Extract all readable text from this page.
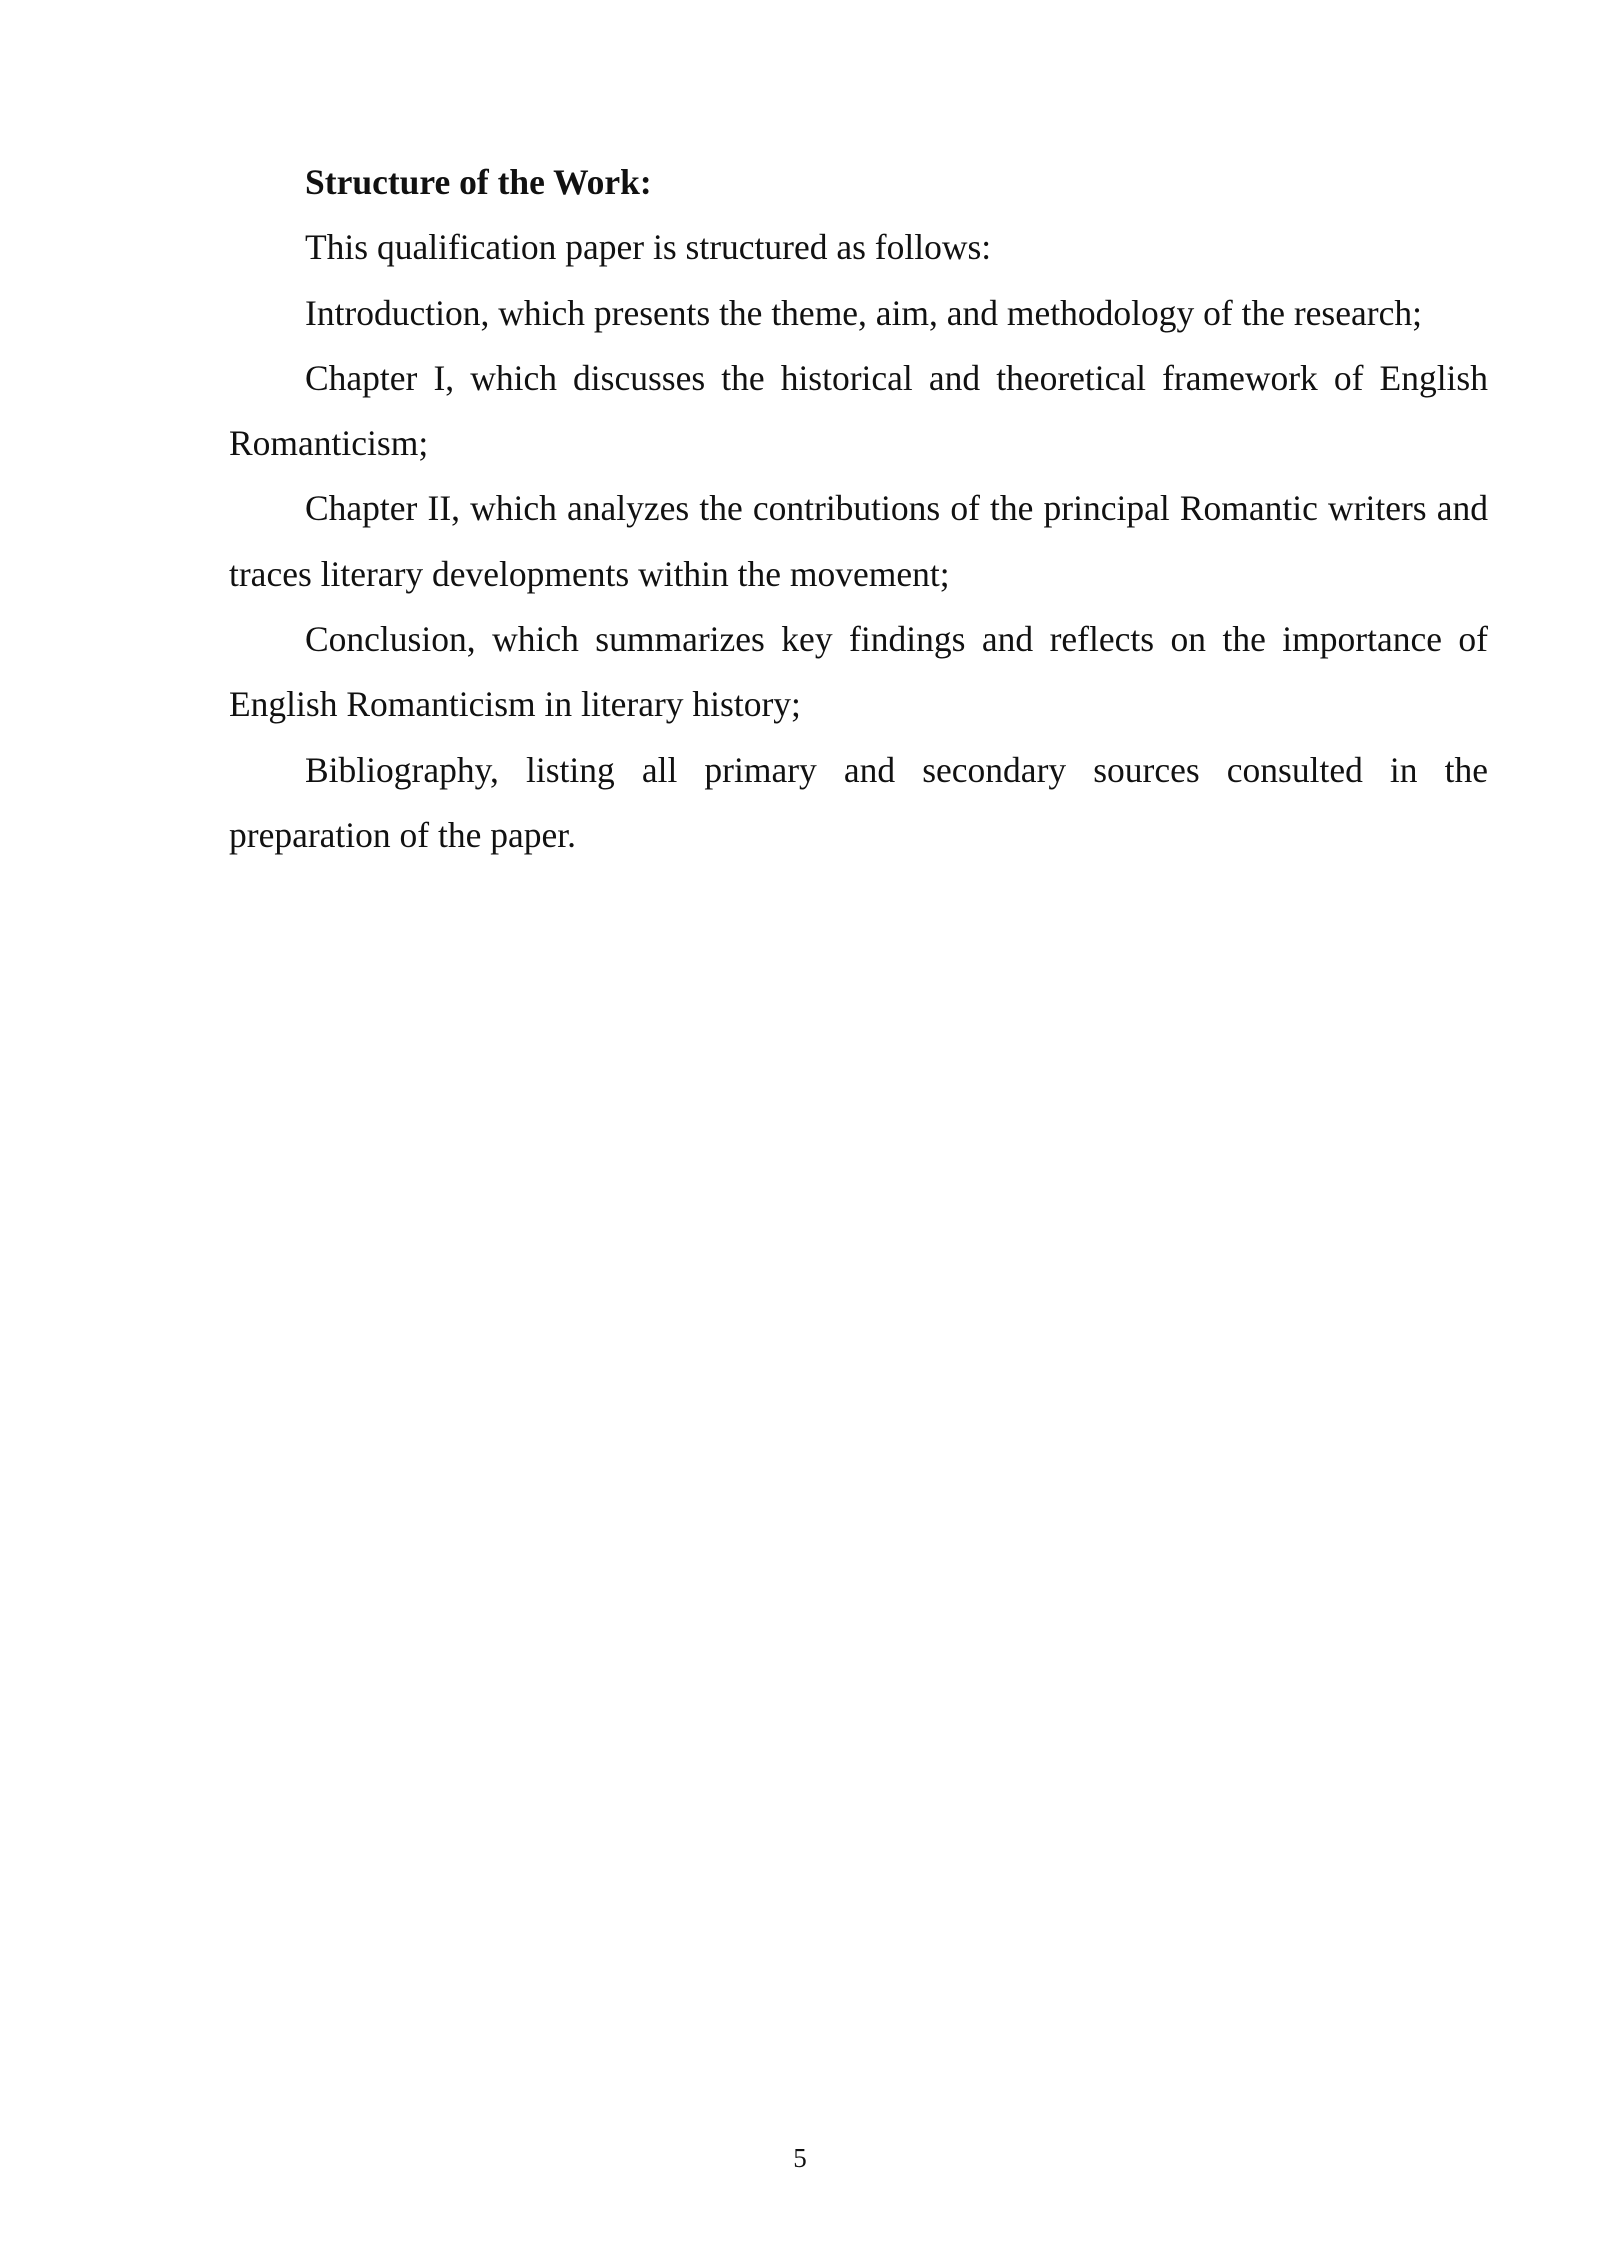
Structure of the Work:

This qualification paper is structured as follows:

Introduction, which presents the theme, aim, and methodology of the research;

Chapter I, which discusses the historical and theoretical framework of English Romanticism;

Chapter II, which analyzes the contributions of the principal Romantic writers and traces literary developments within the movement;

Conclusion, which summarizes key findings and reflects on the importance of English Romanticism in literary history;

Bibliography, listing all primary and secondary sources consulted in the preparation of the paper.

5
